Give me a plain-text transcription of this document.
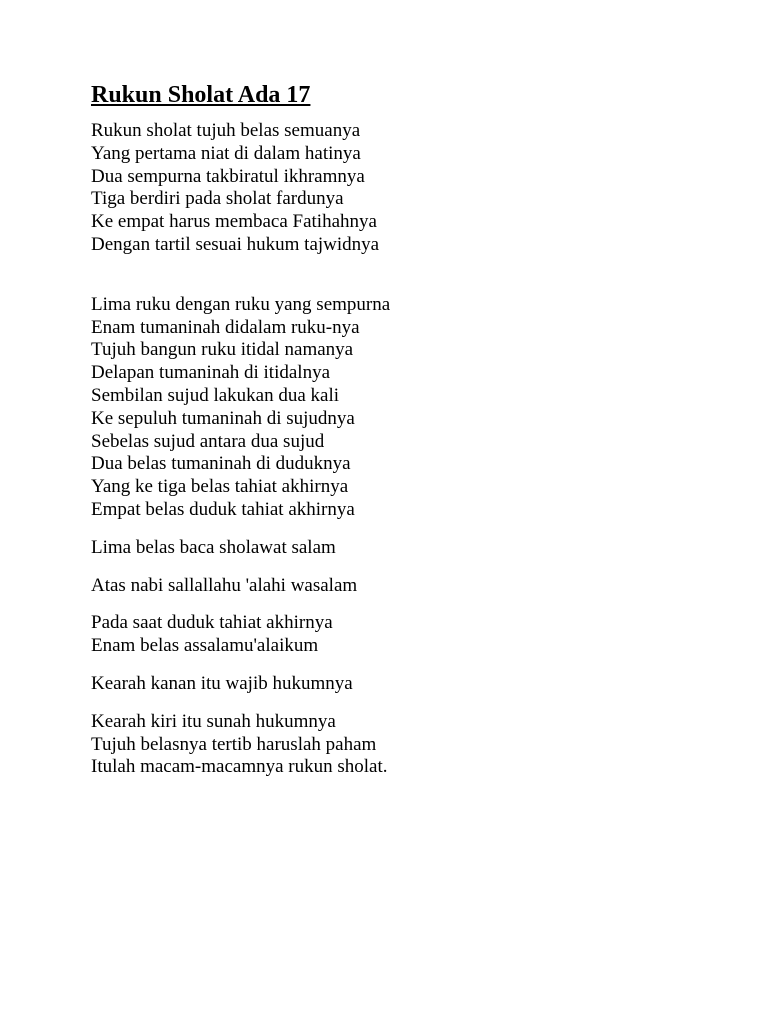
Rukun Sholat Ada 17
Rukun sholat tujuh belas semuanya
Yang pertama niat di dalam hatinya
Dua sempurna takbiratul ikhramnya
Tiga berdiri pada sholat fardunya
Ke empat harus membaca Fatihahnya
Dengan tartil sesuai hukum tajwidnya
Lima ruku dengan ruku yang sempurna
Enam tumaninah didalam ruku-nya
Tujuh bangun ruku itidal namanya
Delapan tumaninah di itidalnya
Sembilan sujud lakukan dua kali
Ke sepuluh tumaninah di sujudnya
Sebelas sujud antara dua sujud
Dua belas tumaninah di duduknya
Yang ke tiga belas tahiat akhirnya
Empat belas duduk tahiat akhirnya
Lima belas baca sholawat salam
Atas nabi sallallahu 'alahi wasalam
Pada saat duduk tahiat akhirnya
Enam belas assalamu'alaikum
Kearah kanan itu wajib hukumnya
Kearah kiri itu sunah hukumnya
Tujuh belasnya tertib haruslah paham
Itulah macam-macamnya rukun sholat.
